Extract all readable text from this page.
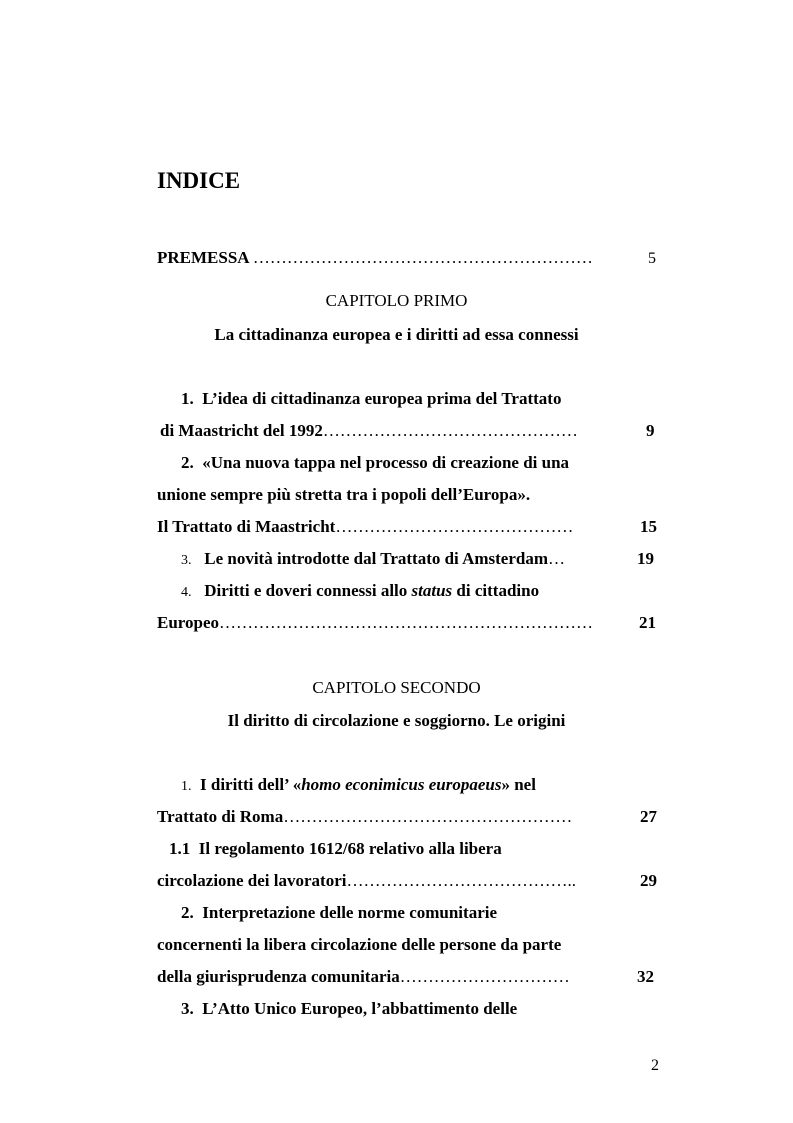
INDICE
PREMESSA ……………………………………………………	5
CAPITOLO PRIMO
La cittadinanza europea e i diritti ad essa connessi
1. L’idea di cittadinanza europea prima del Trattato
di Maastricht del 1992………………………………………	9
2. «Una nuova tappa nel processo di creazione di una
unione sempre più stretta tra i popoli dell’Europa».
Il Trattato di Maastricht……………………………………	15
3. Le novità introdotte dal Trattato di Amsterdam…	19
4. Diritti e doveri connessi allo status di cittadino
Europeo…………………………………………………………	21
CAPITOLO SECONDO
Il diritto di circolazione e soggiorno. Le origini
1. I diritti dell’ «homo econimicus europaeus» nel
Trattato di Roma……………………………………………	27
1.1 Il regolamento 1612/68 relativo alla libera
circolazione dei lavoratori…………………………………..	29
2. Interpretazione delle norme comunitarie
concernenti la libera circolazione delle persone da parte
della giurisprudenza comunitaria…………………………	32
3. L’Atto Unico Europeo, l’abbattimento delle
2
